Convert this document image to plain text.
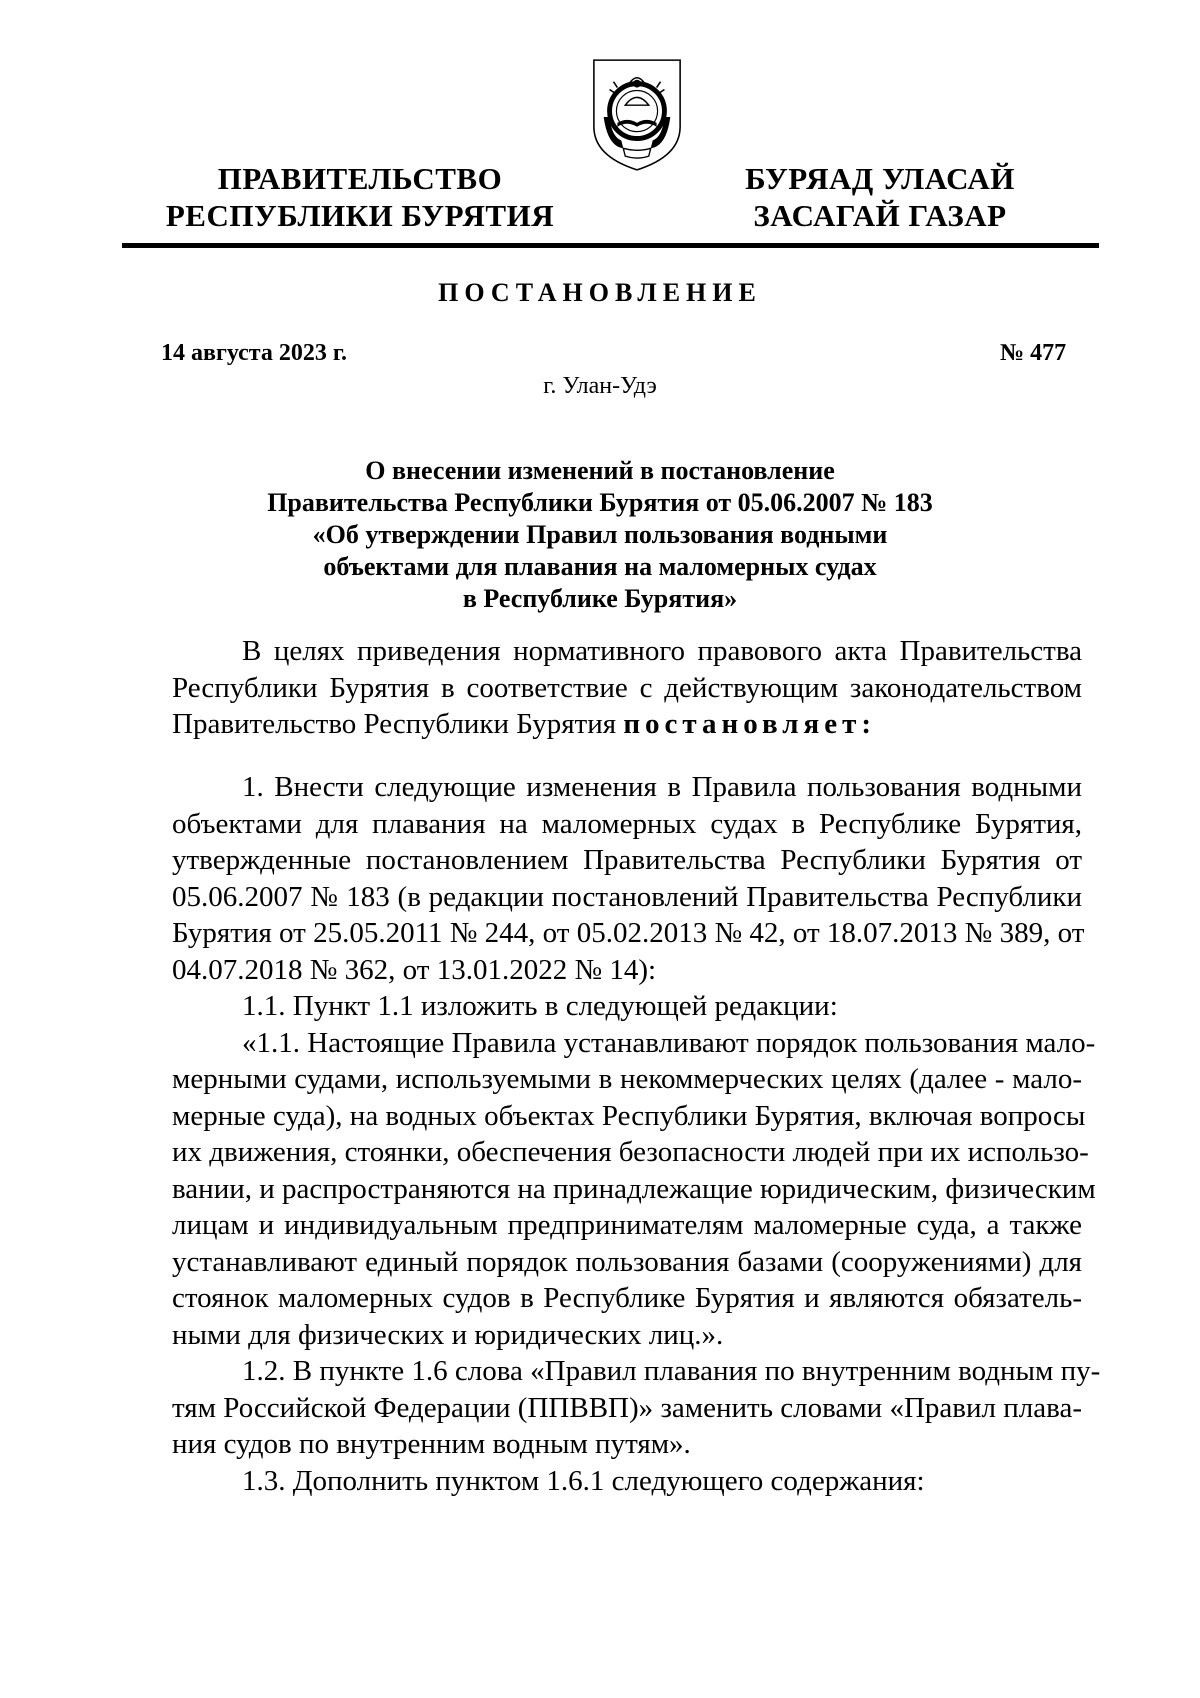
ПРАВИТЕЛЬСТВО
РЕСПУБЛИКИ БУРЯТИЯ
БУРЯАД УЛАСАЙ
ЗАСАГАЙ ГАЗАР
ПОСТАНОВЛЕНИЕ
14 августа 2023 г.	№ 477
г. Улан-Удэ
О внесении изменений в постановление
Правительства Республики Бурятия от 05.06.2007 № 183
«Об утверждении Правил пользования водными
объектами для плавания на маломерных судах
в Республике Бурятия»
В целях приведения нормативного правового акта Правительства
Республики Бурятия в соответствие с действующим законодательством
Правительство Республики Бурятия постановляет:
1. Внести следующие изменения в Правила пользования водными
объектами для плавания на маломерных судах в Республике Бурятия,
утвержденные постановлением Правительства Республики Бурятия от
05.06.2007 № 183 (в редакции постановлений Правительства Республики
Бурятия от 25.05.2011 № 244, от 05.02.2013 № 42, от 18.07.2013 № 389, от
04.07.2018 № 362, от 13.01.2022 № 14):
1.1. Пункт 1.1 изложить в следующей редакции:
«1.1. Настоящие Правила устанавливают порядок пользования мало-
мерными судами, используемыми в некоммерческих целях (далее - мало-
мерные суда), на водных объектах Республики Бурятия, включая вопросы
их движения, стоянки, обеспечения безопасности людей при их использо-
вании, и распространяются на принадлежащие юридическим, физическим
лицам и индивидуальным предпринимателям маломерные суда, а также
устанавливают единый порядок пользования базами (сооружениями) для
стоянок маломерных судов в Республике Бурятия и являются обязатель-
ными для физических и юридических лиц.».
1.2. В пункте 1.6 слова «Правил плавания по внутренним водным пу-
тям Российской Федерации (ППВВП)» заменить словами «Правил плава-
ния судов по внутренним водным путям».
1.3. Дополнить пунктом 1.6.1 следующего содержания:
